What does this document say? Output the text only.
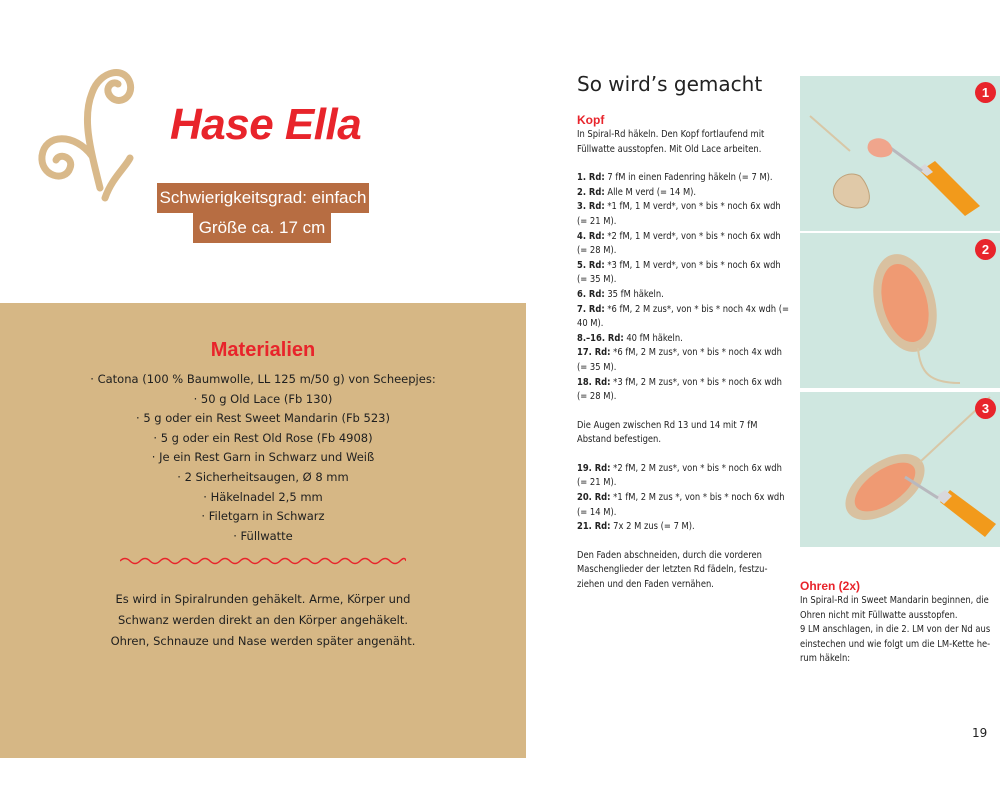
Hase Ella
Schwierigkeitsgrad: einfach
Größe ca. 17 cm
Materialien
· Catona (100 % Baumwolle, LL 125 m/50 g) von Scheepjes:
· 50 g Old Lace (Fb 130)
· 5 g oder ein Rest Sweet Mandarin (Fb 523)
· 5 g oder ein Rest Old Rose (Fb 4908)
· Je ein Rest Garn in Schwarz und Weiß
· 2 Sicherheitsaugen, Ø 8 mm
· Häkelnadel 2,5 mm
· Filetgarn in Schwarz
· Füllwatte

Es wird in Spiralrunden gehäkelt. Arme, Körper und Schwanz werden direkt an den Körper angehäkelt. Ohren, Schnauze und Nase werden später angenäht.

So wird’s gemacht
Kopf

In Spiral-Rd häkeln. Den Kopf fortlaufend mit Füllwatte ausstopfen. Mit Old Lace arbeiten.

1. Rd: 7 fM in einen Fadenring häkeln (= 7 M).

2. Rd: Alle M verd (= 14 M).

3. Rd: *1 fM, 1 M verd*, von * bis * noch 6x wdh (= 21 M).

4. Rd: *2 fM, 1 M verd*, von * bis * noch 6x wdh (= 28 M).

5. Rd: *3 fM, 1 M verd*, von * bis * noch 6x wdh (= 35 M).

6. Rd: 35 fM häkeln.

7. Rd: *6 fM, 2 M zus*, von * bis * noch 4x wdh (= 40 M).

8.–16. Rd: 40 fM häkeln.

17. Rd: *6 fM, 2 M zus*, von * bis * noch 4x wdh (= 35 M).

18. Rd: *3 fM, 2 M zus*, von * bis * noch 6x wdh (= 28 M).

Die Augen zwischen Rd 13 und 14 mit 7 fM Abstand befestigen.

19. Rd: *2 fM, 2 M zus*, von * bis * noch 6x wdh (= 21 M).

20. Rd: *1 fM, 2 M zus *, von * bis * noch 6x wdh (= 14 M).

21. Rd: 7x 2 M zus (= 7 M).

Den Faden abschneiden, durch die vorderen Maschenglieder der letzten Rd fädeln, festzuziehen und den Faden vernähen.

1
2
3
Ohren (2x)

In Spiral-Rd in Sweet Mandarin beginnen, die Ohren nicht mit Füllwatte ausstopfen.

9 LM anschlagen, in die 2. LM von der Nd aus einstechen und wie folgt um die LM-Kette herum häkeln:

19
